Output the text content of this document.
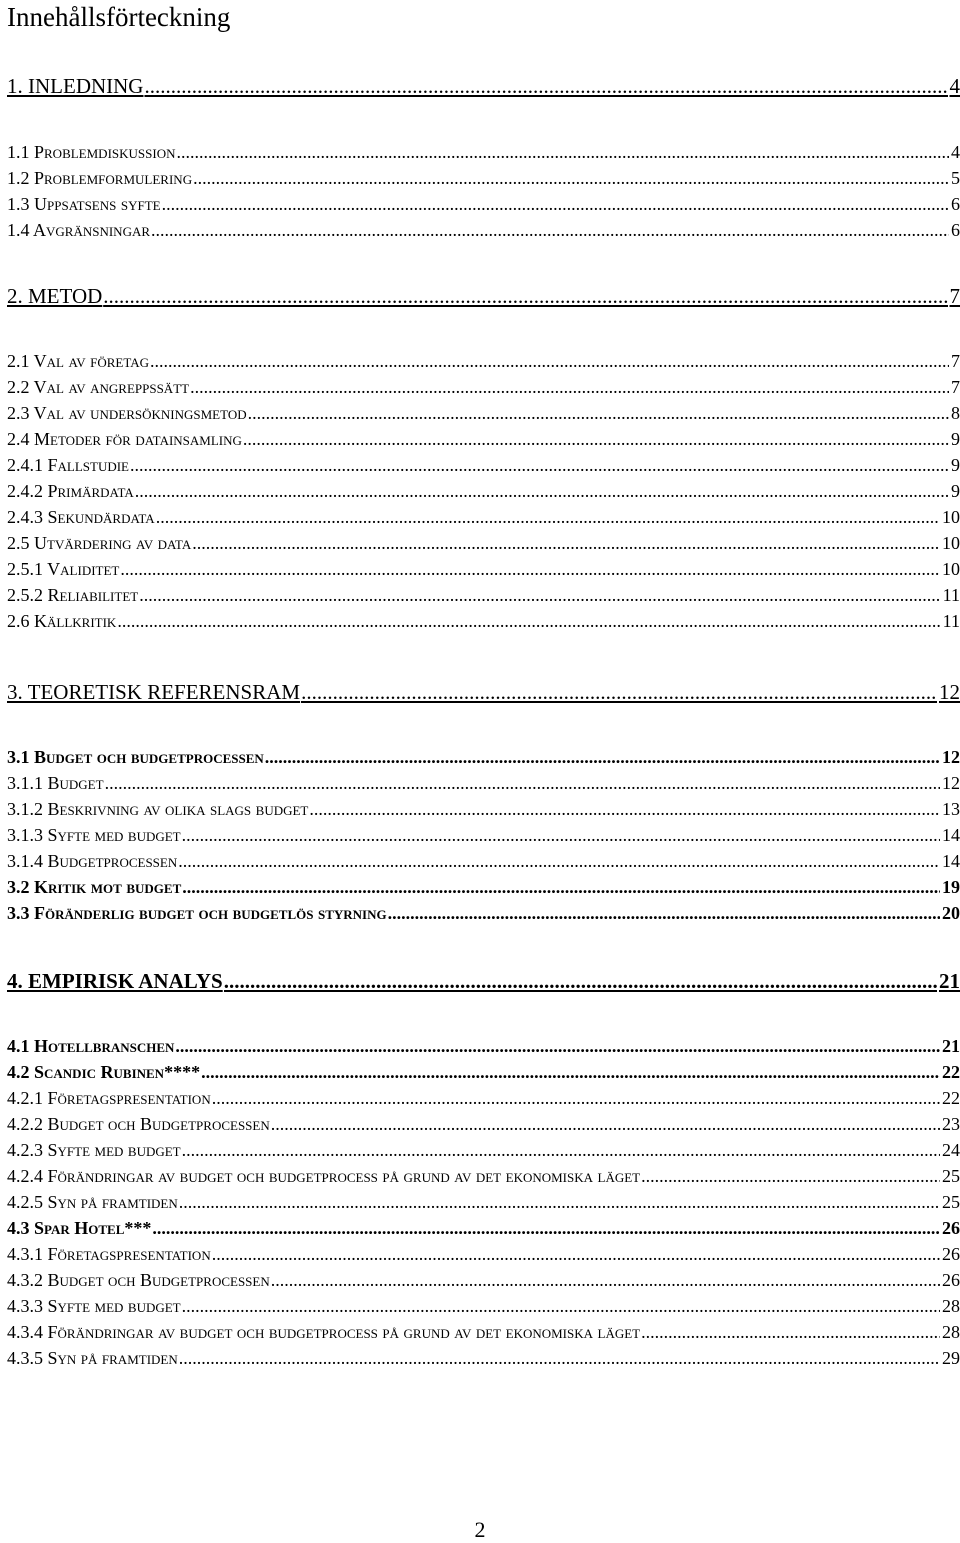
Innehållsförteckning
1. INLEDNING .....	4
1.1 Problemdiskussion .....	4
1.2 Problemformulering .....	5
1.3 Uppsatsens syfte .....	6
1.4 Avgränsningar .....	6
2. METOD .....	7
2.1 Val av företag .....	7
2.2 Val av angreppssätt .....	7
2.3 Val av undersökningsmetod .....	8
2.4 Metoder för datainsamling .....	9
2.4.1 Fallstudie .....	9
2.4.2 Primärdata .....	9
2.4.3 Sekundärdata .....	10
2.5 Utvärdering av data .....	10
2.5.1 Validitet .....	10
2.5.2 Reliabilitet .....	11
2.6 Källkritik .....	11
3. TEORETISK REFERENSRAM .....	12
3.1 Budget och budgetprocessen .....	12
3.1.1 Budget .....	12
3.1.2 Beskrivning av olika slags budget .....	13
3.1.3 Syfte med budget .....	14
3.1.4 Budgetprocessen .....	14
3.2 Kritik mot budget .....	19
3.3 Föränderlig budget och budgetlös styrning .....	20
4. EMPIRISK ANALYS .....	21
4.1 Hotellbranschen .....	21
4.2 Scandic Rubinen**** .....	22
4.2.1 Företagspresentation .....	22
4.2.2 Budget och Budgetprocessen .....	23
4.2.3 Syfte med budget .....	24
4.2.4 Förändringar av budget och budgetprocess på grund av det ekonomiska läget .....	25
4.2.5 Syn på framtiden .....	25
4.3 Spar Hotel*** .....	26
4.3.1 Företagspresentation .....	26
4.3.2 Budget och Budgetprocessen .....	26
4.3.3 Syfte med budget .....	28
4.3.4 Förändringar av budget och budgetprocess på grund av det ekonomiska läget .....	28
4.3.5 Syn på framtiden .....	29
2
